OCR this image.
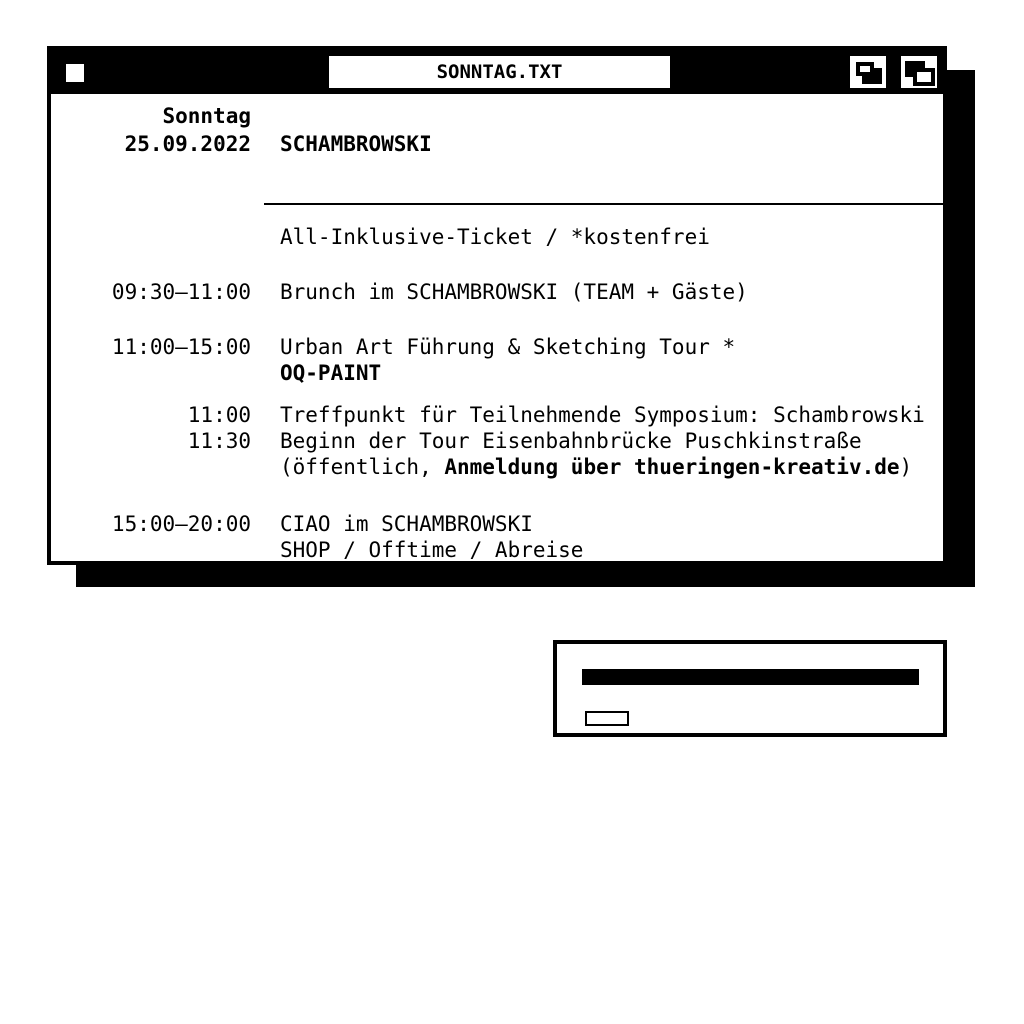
SONNTAG.TXT
Sonntag
25.09.2022 SCHAMBROWSKI
All-Inklusive-Ticket / *kostenfrei
09:30–11:00 Brunch im SCHAMBROWSKI (TEAM + Gäste)
11:00–15:00 Urban Art Führung & Sketching Tour *
OQ-PAINT
11:00 Treffpunkt für Teilnehmende Symposium: Schambrowski
11:30 Beginn der Tour Eisenbahnbrücke Puschkinstraße
(öffentlich, Anmeldung über thueringen-kreativ.de)
15:00–20:00 CIAO im SCHAMBROWSKI
SHOP / Offtime / Abreise
